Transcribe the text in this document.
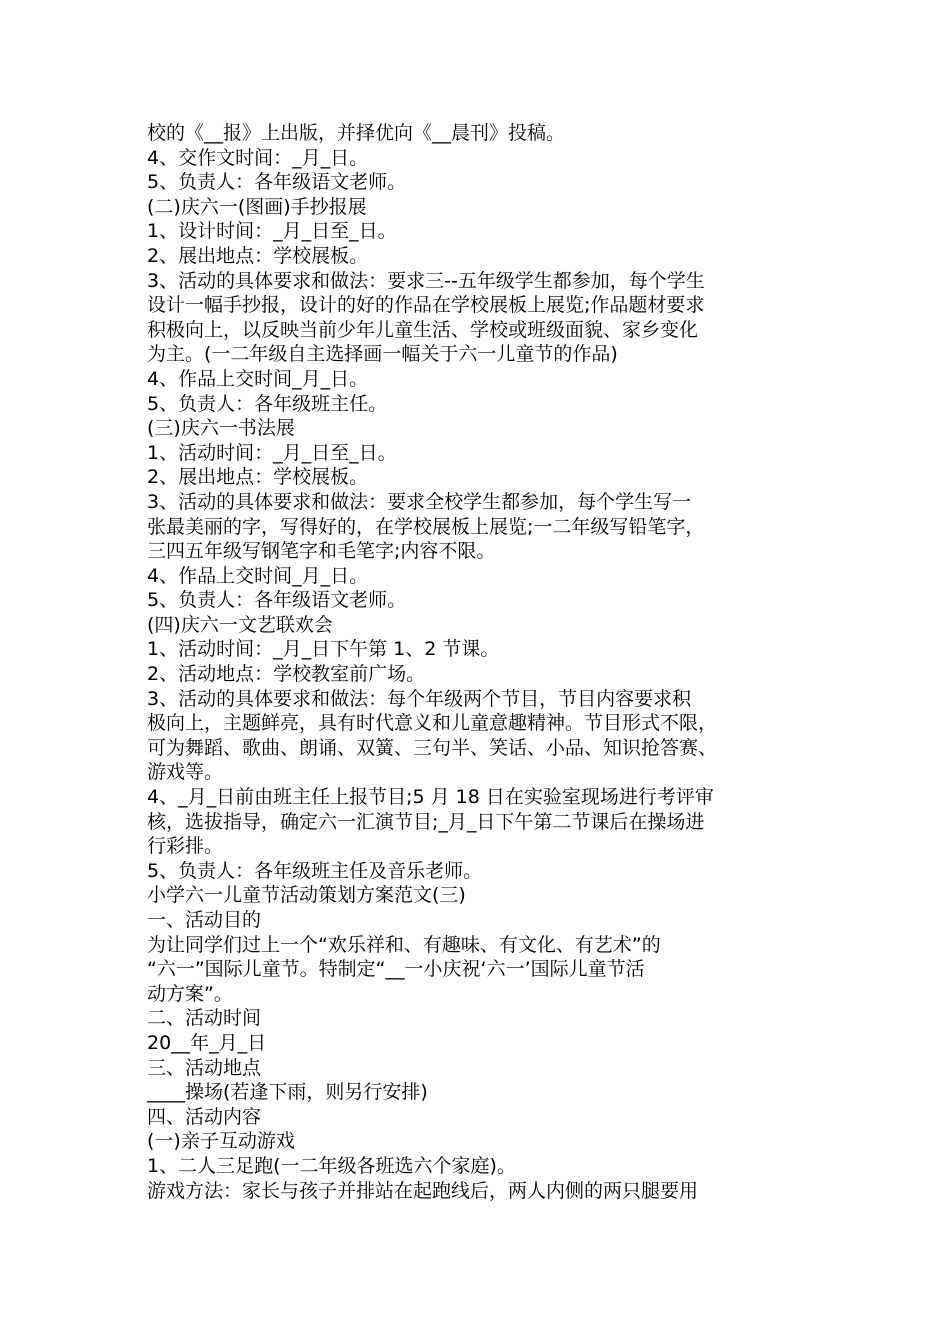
校的《__报》上出版，并择优向《__晨刊》投稿。
4、交作文时间：_月_日。
5、负责人：各年级语文老师。
(二)庆六一(图画)手抄报展
1、设计时间：_月_日至_日。
2、展出地点：学校展板。
3、活动的具体要求和做法：要求三--五年级学生都参加，每个学生
设计一幅手抄报，设计的好的作品在学校展板上展览;作品题材要求
积极向上，以反映当前少年儿童生活、学校或班级面貌、家乡变化
为主。(一二年级自主选择画一幅关于六一儿童节的作品)
4、作品上交时间_月_日。
5、负责人：各年级班主任。
(三)庆六一书法展
1、活动时间：_月_日至_日。
2、展出地点：学校展板。
3、活动的具体要求和做法：要求全校学生都参加，每个学生写一
张最美丽的字，写得好的，在学校展板上展览;一二年级写铅笔字，
三四五年级写钢笔字和毛笔字;内容不限。
4、作品上交时间_月_日。
5、负责人：各年级语文老师。
(四)庆六一文艺联欢会
1、活动时间：_月_日下午第 1、2 节课。
2、活动地点：学校教室前广场。
3、活动的具体要求和做法：每个年级两个节目，节目内容要求积
极向上，主题鲜亮，具有时代意义和儿童意趣精神。节目形式不限，
可为舞蹈、歌曲、朗诵、双簧、三句半、笑话、小品、知识抢答赛、
游戏等。
4、_月_日前由班主任上报节目;5 月 18 日在实验室现场进行考评审
核，选拔指导，确定六一汇演节目;_月_日下午第二节课后在操场进
行彩排。
5、负责人：各年级班主任及音乐老师。
小学六一儿童节活动策划方案范文(三)
一、活动目的
为让同学们过上一个“欢乐祥和、有趣味、有文化、有艺术”的
“六一”国际儿童节。特制定“__一小庆祝‘六一’国际儿童节活
动方案”。
二、活动时间
20__年_月_日
三、活动地点
____操场(若逢下雨，则另行安排)
四、活动内容
(一)亲子互动游戏
1、二人三足跑(一二年级各班选六个家庭)。
游戏方法：家长与孩子并排站在起跑线后，两人内侧的两只腿要用
